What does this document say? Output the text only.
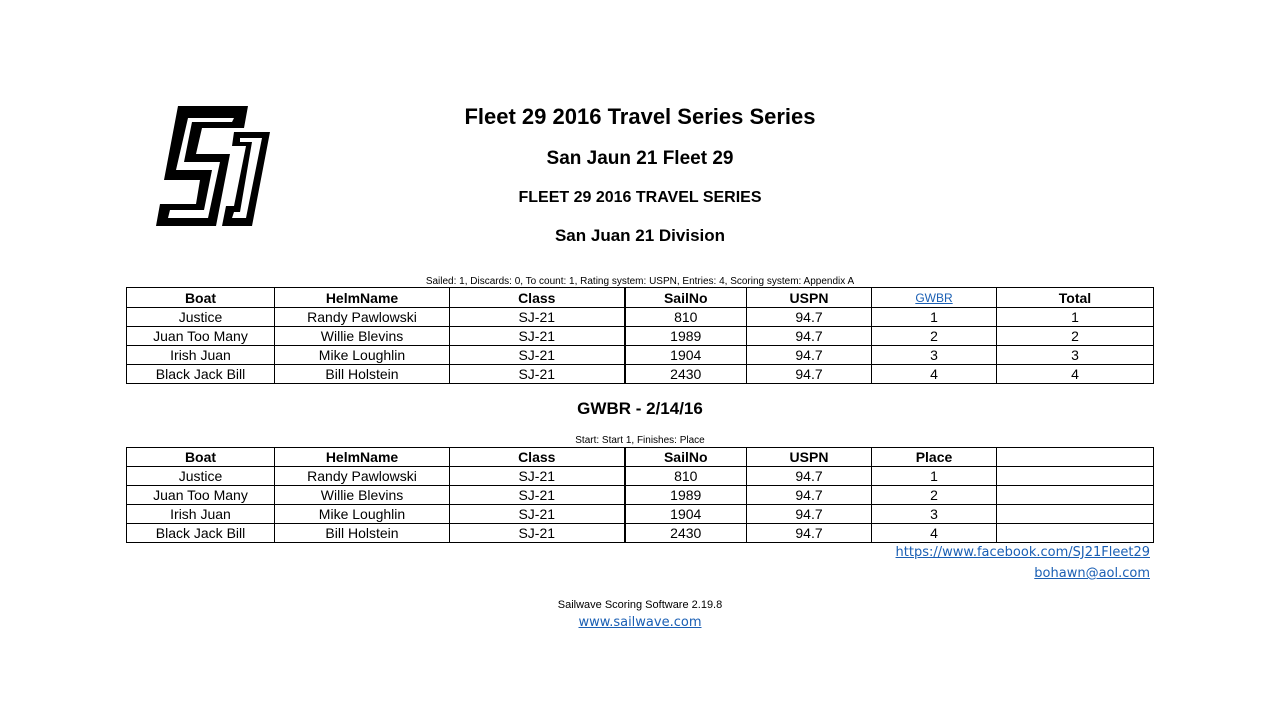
Fleet 29 2016 Travel Series Series
San Jaun 21 Fleet 29
FLEET 29 2016 TRAVEL SERIES
San Juan 21 Division
Sailed: 1, Discards: 0, To count: 1, Rating system: USPN, Entries: 4, Scoring system: Appendix A
Boat	HelmName	Class	SailNo	USPN	GWBR	Total
Justice	Randy Pawlowski	SJ-21	810	94.7	1	1
Juan Too Many	Willie Blevins	SJ-21	1989	94.7	2	2
Irish Juan	Mike Loughlin	SJ-21	1904	94.7	3	3
Black Jack Bill	Bill Holstein	SJ-21	2430	94.7	4	4
GWBR - 2/14/16
Start: Start 1, Finishes: Place
Boat	HelmName	Class	SailNo	USPN	Place	
Justice	Randy Pawlowski	SJ-21	810	94.7	1	
Juan Too Many	Willie Blevins	SJ-21	1989	94.7	2	
Irish Juan	Mike Loughlin	SJ-21	1904	94.7	3	
Black Jack Bill	Bill Holstein	SJ-21	2430	94.7	4	
https://www.facebook.com/SJ21Fleet29
bohawn@aol.com
Sailwave Scoring Software 2.19.8
www.sailwave.com
